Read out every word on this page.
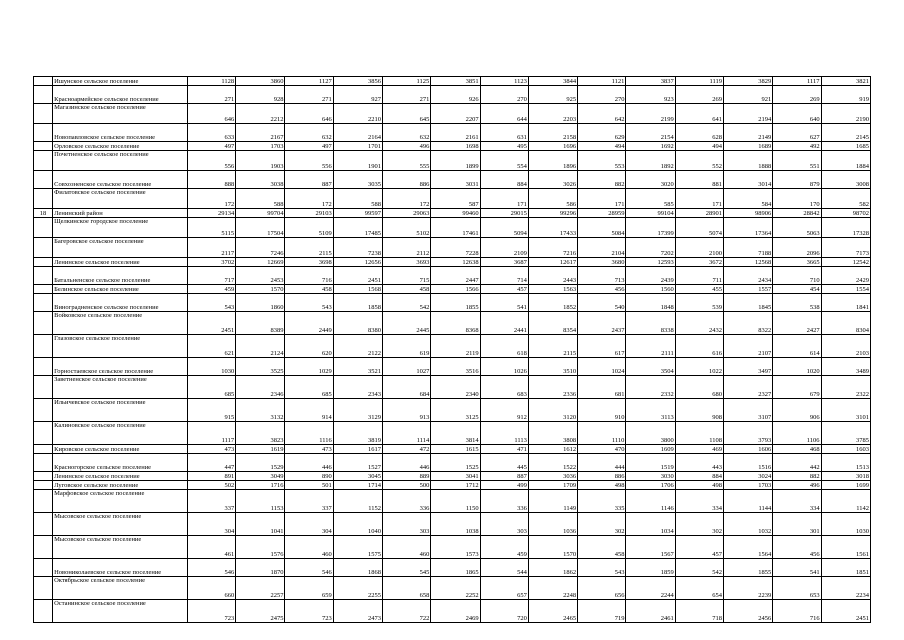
	Ишунское сельское поселение	1128	3860	1127	3856	1125	3851	1123	3844	1121	3837	1119	3829	1117	3821
	Красноармейское сельское поселение	271	928	271	927	271	926	270	925	270	923	269	921	269	919
	Магазинское сельское поселение	646	2212	646	2210	645	2207	644	2203	642	2199	641	2194	640	2190
	Новопавловское сельское поселение	633	2167	632	2164	632	2161	631	2158	629	2154	628	2149	627	2145
	Орловское сельское поселение	497	1703	497	1701	496	1698	495	1696	494	1692	494	1689	492	1685
	Почетненское сельское поселение	556	1903	556	1901	555	1899	554	1896	553	1892	552	1888	551	1884
	Совхозненское сельское поселение	888	3038	887	3035	886	3031	884	3026	882	3020	881	3014	879	3008
	Филатовское сельское поселение	172	588	172	588	172	587	171	586	171	585	171	584	170	582
18	Ленинский район	29134	99704	29103	99597	29063	99460	29015	99296	28959	99104	28901	98906	28842	98702
	Щелкинское городское поселение	5115	17504	5109	17485	5102	17461	5094	17433	5084	17399	5074	17364	5063	17328
	Багеровское сельское поселение	2117	7246	2115	7238	2112	7228	2109	7216	2104	7202	2100	7188	2096	7173
	Ленинское сельское поселение	3702	12669	3698	12656	3693	12638	3687	12617	3680	12593	3672	12568	3665	12542
	Батальненское сельское поселение	717	2453	716	2451	715	2447	714	2443	713	2439	711	2434	710	2429
	Белинское сельское поселение	459	1570	458	1568	458	1566	457	1563	456	1560	455	1557	454	1554
	Виноградненское сельское поселение	543	1860	543	1858	542	1855	541	1852	540	1848	539	1845	538	1841
	Войковское сельское поселение	2451	8389	2449	8380	2445	8368	2441	8354	2437	8338	2432	8322	2427	8304
	Глазовское сельское поселение	621	2124	620	2122	619	2119	618	2115	617	2111	616	2107	614	2103
	Горностаевское сельское поселение	1030	3525	1029	3521	1027	3516	1026	3510	1024	3504	1022	3497	1020	3489
	Заветненское сельское поселение	685	2346	685	2343	684	2340	683	2336	681	2332	680	2327	679	2322
	Ильичевское сельское поселение	915	3132	914	3129	913	3125	912	3120	910	3113	908	3107	906	3101
	Калиновское сельское поселение	1117	3823	1116	3819	1114	3814	1113	3808	1110	3800	1108	3793	1106	3785
	Кировское сельское поселение	473	1619	473	1617	472	1615	471	1612	470	1609	469	1606	468	1603
	Красногорское сельское поселение	447	1529	446	1527	446	1525	445	1522	444	1519	443	1516	442	1513
	Ленинское сельское поселение	891	3049	890	3045	889	3041	887	3036	886	3030	884	3024	882	3018
	Луговское сельское поселение	502	1716	501	1714	500	1712	499	1709	498	1706	498	1703	496	1699
	Марфовское сельское поселение	337	1153	337	1152	336	1150	336	1149	335	1146	334	1144	334	1142
	Мысовское сельское поселение	304	1041	304	1040	303	1038	303	1036	302	1034	302	1032	301	1030
	Мысовское сельское поселение	461	1576	460	1575	460	1573	459	1570	458	1567	457	1564	456	1561
	Новониколаевское сельское поселение	546	1870	546	1868	545	1865	544	1862	543	1859	542	1855	541	1851
	Октябрьское сельское поселение	660	2257	659	2255	658	2252	657	2248	656	2244	654	2239	653	2234
	Останинское сельское поселение	723	2475	723	2473	722	2469	720	2465	719	2461	718	2456	716	2451
